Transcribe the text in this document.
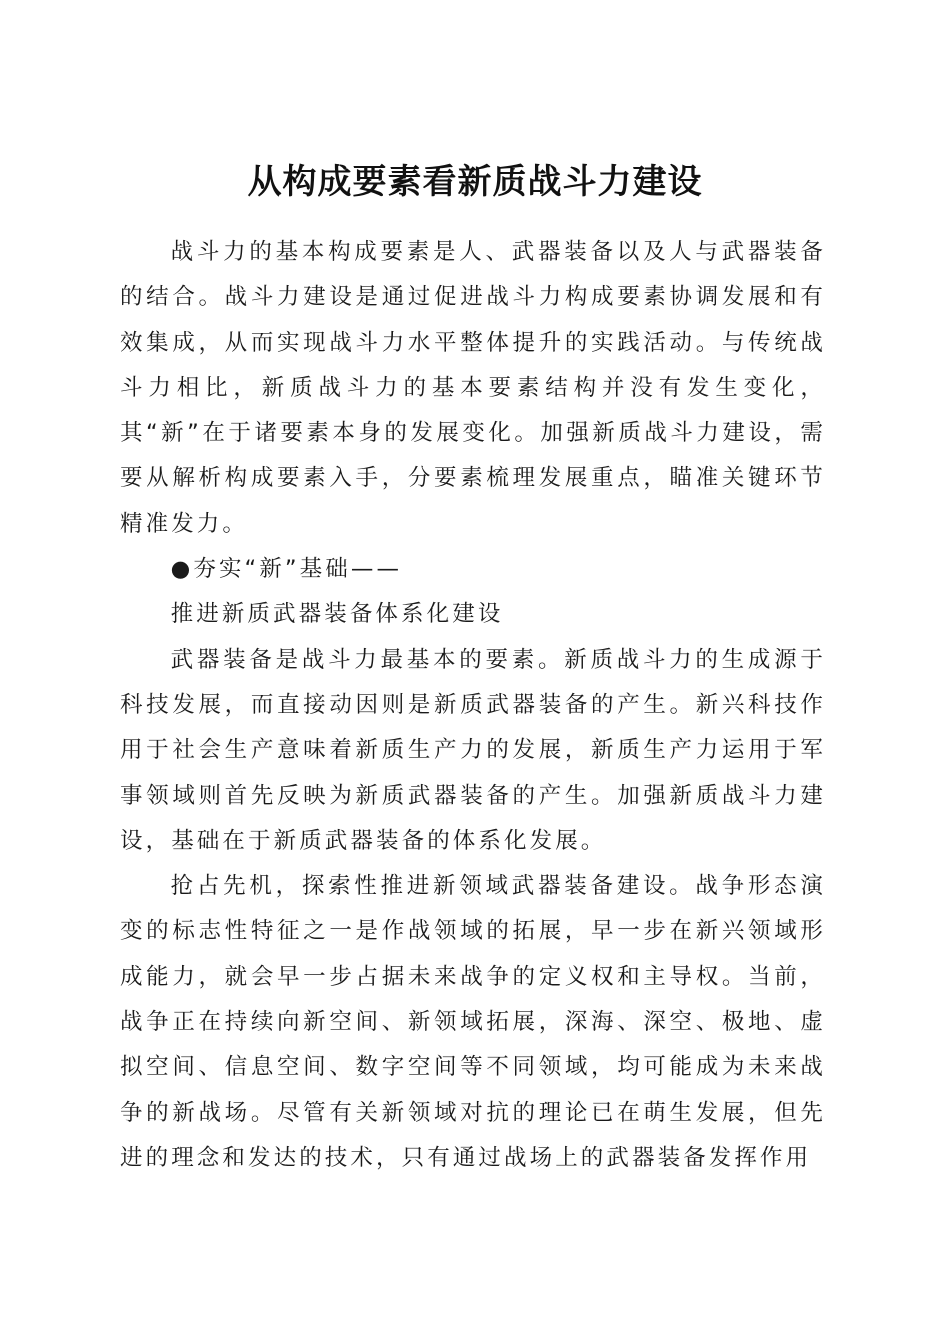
从构成要素看新质战斗力建设

战斗力的基本构成要素是人、武器装备以及人与武器装备的结合。战斗力建设是通过促进战斗力构成要素协调发展和有效集成，从而实现战斗力水平整体提升的实践活动。与传统战斗力相比，新质战斗力的基本要素结构并没有发生变化，其“新”在于诸要素本身的发展变化。加强新质战斗力建设，需要从解析构成要素入手，分要素梳理发展重点，瞄准关键环节精准发力。

●夯实“新”基础——

推进新质武器装备体系化建设

武器装备是战斗力最基本的要素。新质战斗力的生成源于科技发展，而直接动因则是新质武器装备的产生。新兴科技作用于社会生产意味着新质生产力的发展，新质生产力运用于军事领域则首先反映为新质武器装备的产生。加强新质战斗力建设，基础在于新质武器装备的体系化发展。

抢占先机，探索性推进新领域武器装备建设。战争形态演变的标志性特征之一是作战领域的拓展，早一步在新兴领域形成能力，就会早一步占据未来战争的定义权和主导权。当前，战争正在持续向新空间、新领域拓展，深海、深空、极地、虚拟空间、信息空间、数字空间等不同领域，均可能成为未来战争的新战场。尽管有关新领域对抗的理论已在萌生发展，但先进的理念和发达的技术，只有通过战场上的武器装备发挥作用
